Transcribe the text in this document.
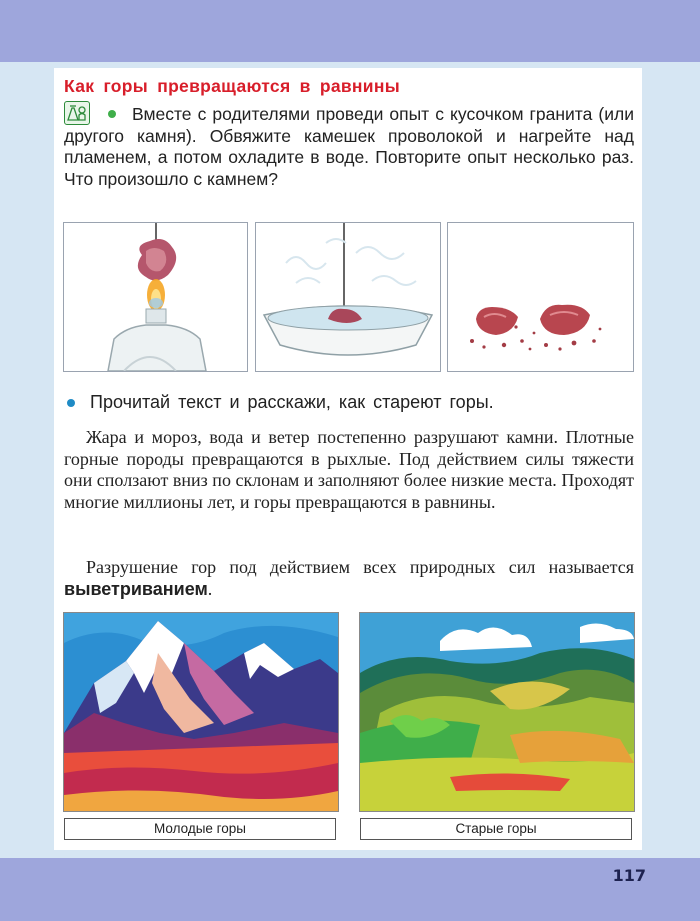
Как горы превращаются в равнины

Вместе с родителями проведи опыт с кусочком гранита (или другого камня). Обвяжите камешек проволокой и нагрейте над пламенем, а потом охладите в воде. Повторите опыт несколько раз. Что произошло с камнем?

Прочитай текст и расскажи, как стареют горы.

Жара и мороз, вода и ветер постепенно разрушают камни. Плотные горные породы превращаются в рыхлые. Под действием силы тяжести они сползают вниз по склонам и заполняют более низкие места. Проходят многие миллионы лет, и горы превращаются в равнины.

Разрушение гор под действием всех природных сил называется выветриванием.

Молодые горы	Старые горы
117
